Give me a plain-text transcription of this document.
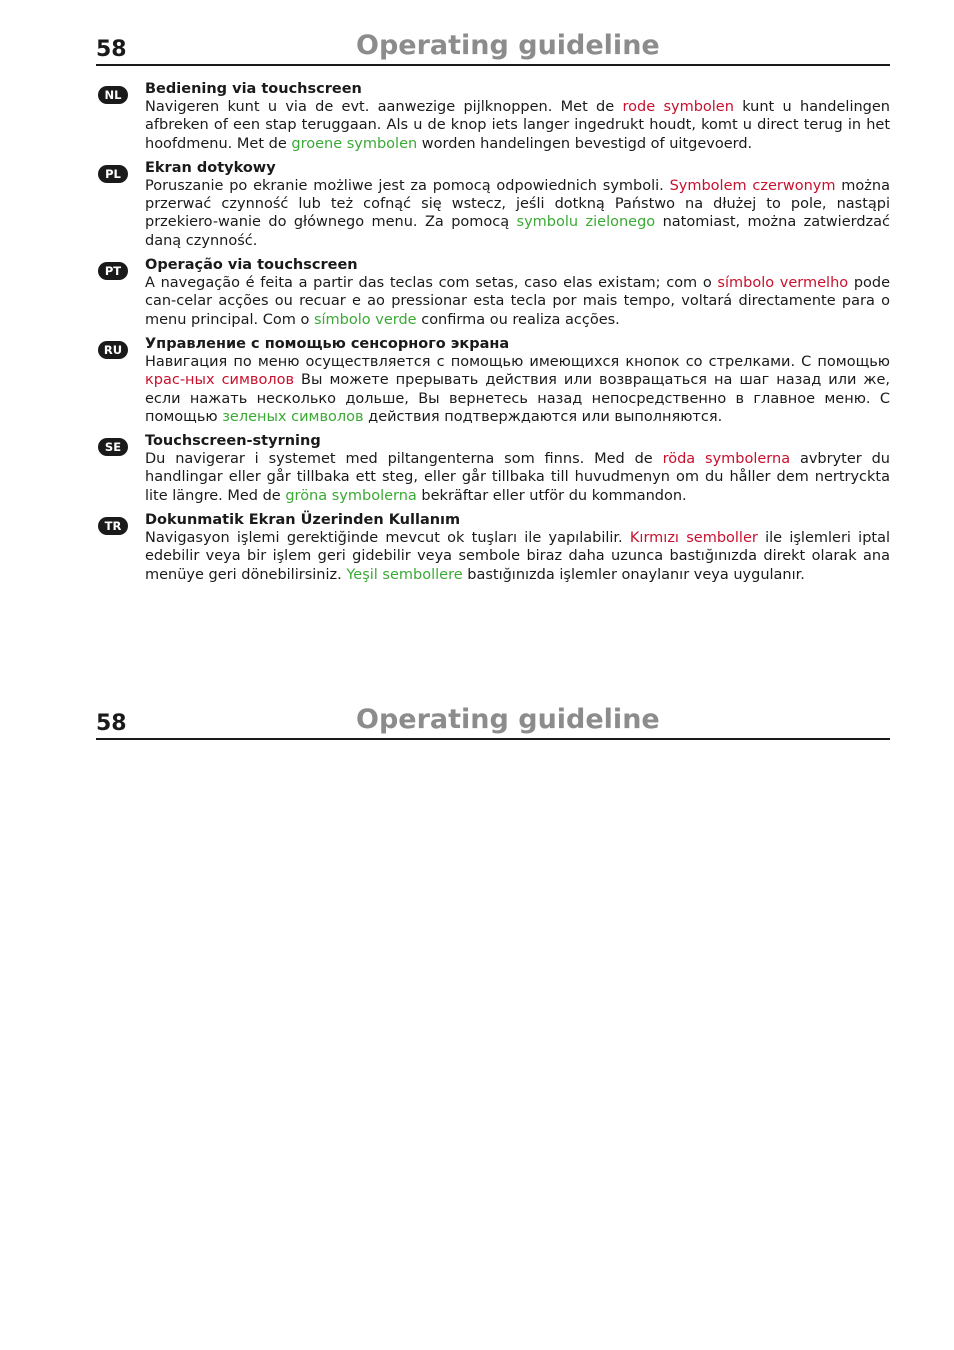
58	Operating guideline
NL	Bediening via touchscreen
Navigeren kunt u via de evt. aanwezige pijlknoppen. Met de rode symbolen kunt u handelingen afbreken of een stap teruggaan. Als u de knop iets langer ingedrukt houdt, komt u direct terug in het hoofdmenu. Met de groene symbolen worden handelingen bevestigd of uitgevoerd.
PL	Ekran dotykowy
Poruszanie po ekranie możliwe jest za pomocą odpowiednich symboli. Symbolem czerwonym można przerwać czynność lub też cofnąć się wstecz, jeśli dotkną Państwo na dłużej to pole, nastąpi przekiero-wanie do głównego menu. Za pomocą symbolu zielonego natomiast, można zatwierdzać daną czynność.
PT	Operação via touchscreen
A navegação é feita a partir das teclas com setas, caso elas existam; com o símbolo vermelho pode can-celar acções ou recuar e ao pressionar esta tecla por mais tempo, voltará directamente para o menu principal. Com o símbolo verde confirma ou realiza acções.
RU	Управление с помощью сенсорного экрана
Навигация по меню осуществляется с помощью имеющихся кнопок со стрелками. С помощью крас-ных символов Вы можете прерывать действия или возвращаться на шаг назад или же, если нажать несколько дольше, Вы вернетесь назад непосредственно в главное меню. С помощью зеленых символов действия подтверждаются или выполняются.
SE	Touchscreen-styrning
Du navigerar i systemet med piltangenterna som finns. Med de röda symbolerna avbryter du handlingar eller går tillbaka ett steg, eller går tillbaka till huvudmenyn om du håller dem nertryckta lite längre. Med de gröna symbolerna bekräftar eller utför du kommandon.
TR	Dokunmatik Ekran Üzerinden Kullanım
Navigasyon işlemi gerektiğinde mevcut ok tuşları ile yapılabilir. Kırmızı semboller ile işlemleri iptal edebilir veya bir işlem geri gidebilir veya sembole biraz daha uzunca bastığınızda direkt olarak ana menüye geri dönebilirsiniz. Yeşil sembollere bastığınızda işlemler onaylanır veya uygulanır.
58	Operating guideline
